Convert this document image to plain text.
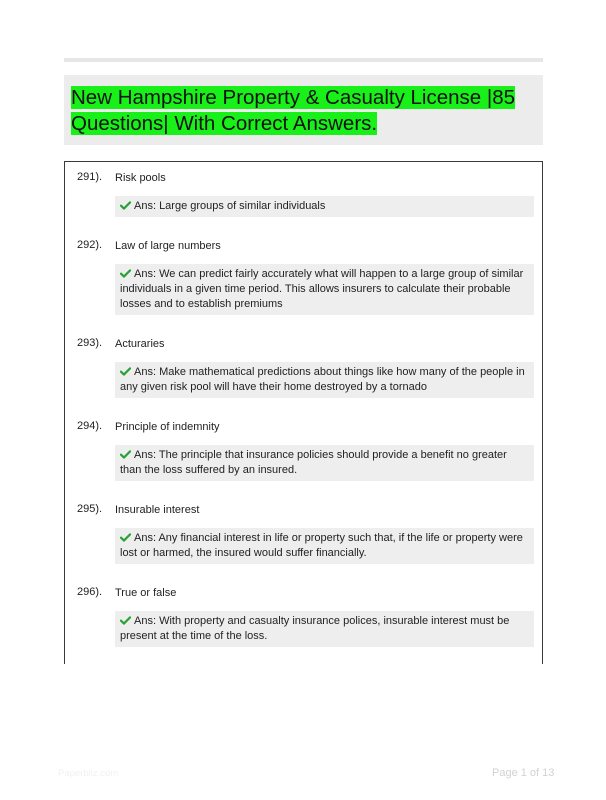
New Hampshire Property & Casualty License |85 Questions| With Correct Answers.
291). Risk pools
Ans: Large groups of similar individuals
292). Law of large numbers
Ans: We can predict fairly accurately what will happen to a large group of similar individuals in a given time period. This allows insurers to calculate their probable losses and to establish premiums
293). Acturaries
Ans: Make mathematical predictions about things like how many of the people in any given risk pool will have their home destroyed by a tornado
294). Principle of indemnity
Ans: The principle that insurance policies should provide a benefit no greater than the loss suffered by an insured.
295). Insurable interest
Ans: Any financial interest in life or property such that, if the life or property were lost or harmed, the insured would suffer financially.
296). True or false
Ans: With property and casualty insurance polices, insurable interest must be present at the time of the loss.
Paperbliz.com	Page 1 of 13
